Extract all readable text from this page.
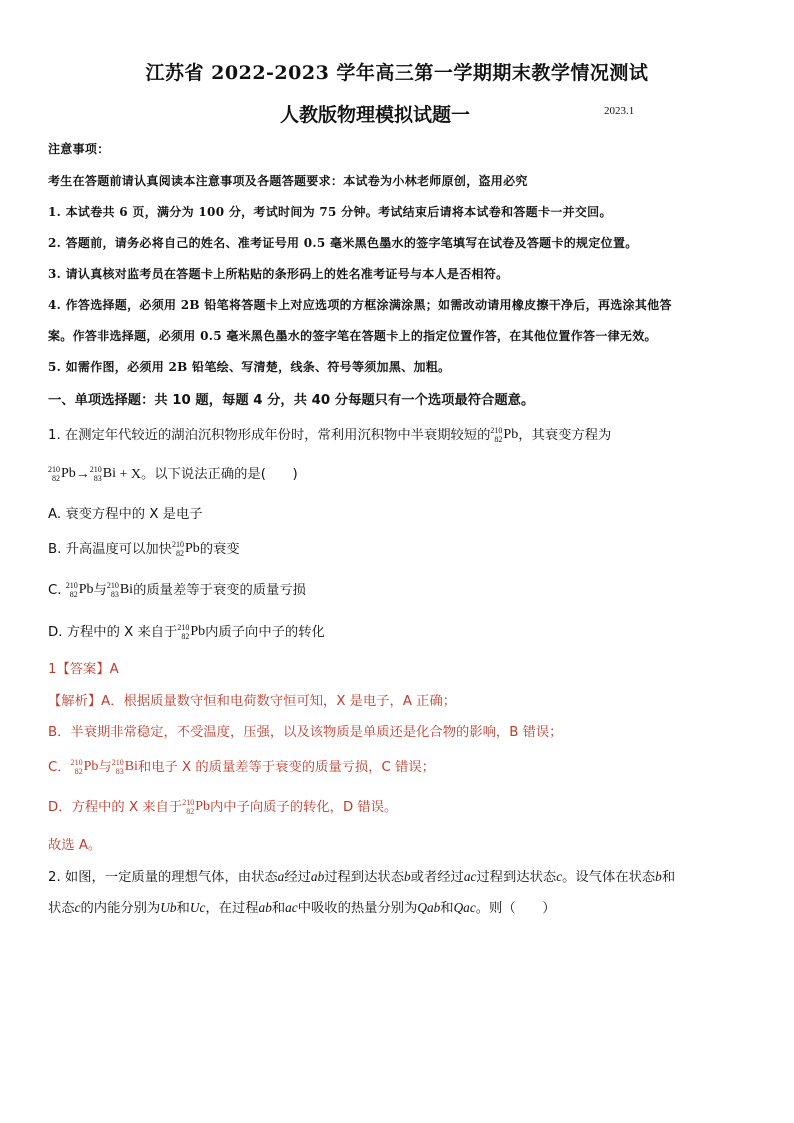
江苏省 2022-2023 学年高三第一学期期末教学情况测试
人教版物理模拟试题一	2023.1
注意事项：
考生在答题前请认真阅读本注意事项及各题答题要求：本试卷为小林老师原创，盗用必究
1. 本试卷共 6 页，满分为 100 分，考试时间为 75 分钟。考试结束后请将本试卷和答题卡一并交回。
2. 答题前，请务必将自己的姓名、准考证号用 0.5 毫米黑色墨水的签字笔填写在试卷及答题卡的规定位置。
3. 请认真核对监考员在答题卡上所粘贴的条形码上的姓名准考证号与本人是否相符。
4. 作答选择题，必须用 2B 铅笔将答题卡上对应选项的方框涂满涂黑；如需改动请用橡皮擦干净后，再选涂其他答
案。作答非选择题，必须用 0.5 毫米黑色墨水的签字笔在答题卡上的指定位置作答，在其他位置作答一律无效。
5. 如需作图，必须用 2B 铅笔绘、写清楚，线条、符号等须加黑、加粗。
一、单项选择题：共 10 题，每题 4 分，共 40 分每题只有一个选项最符合题意。
1. 在测定年代较近的湖泊沉积物形成年份时，常利用沉积物中半衰期较短的 210
82 Pb，其衰变方程为
210
82 Pb→ 210
83 Bi + X。以下说法正确的是(　　)
A. 衰变方程中的 X 是电子
B. 升高温度可以加快 210
82 Pb的衰变
C. 210
82 Pb与 210
83 Bi的质量差等于衰变的质量亏损
D. 方程中的 X 来自于 210
82 Pb内质子向中子的转化
1【答案】A
【解析】A．根据质量数守恒和电荷数守恒可知，X 是电子，A 正确；
B．半衰期非常稳定，不受温度，压强，以及该物质是单质还是化合物的影响，B 错误；
C． 210
82 Pb与 210
83 Bi和电子 X 的质量差等于衰变的质量亏损，C 错误；
D．方程中的 X 来自于 210
82 Pb内中子向质子的转化，D 错误。
故选 A。
2. 如图，一定质量的理想气体，由状态a经过ab过程到达状态b或者经过ac过程到达状态c。设气体在状态b和
状态c的内能分别为Ub和Uc，在过程ab和ac中吸收的热量分别为Qab和Qac。则（　　）
